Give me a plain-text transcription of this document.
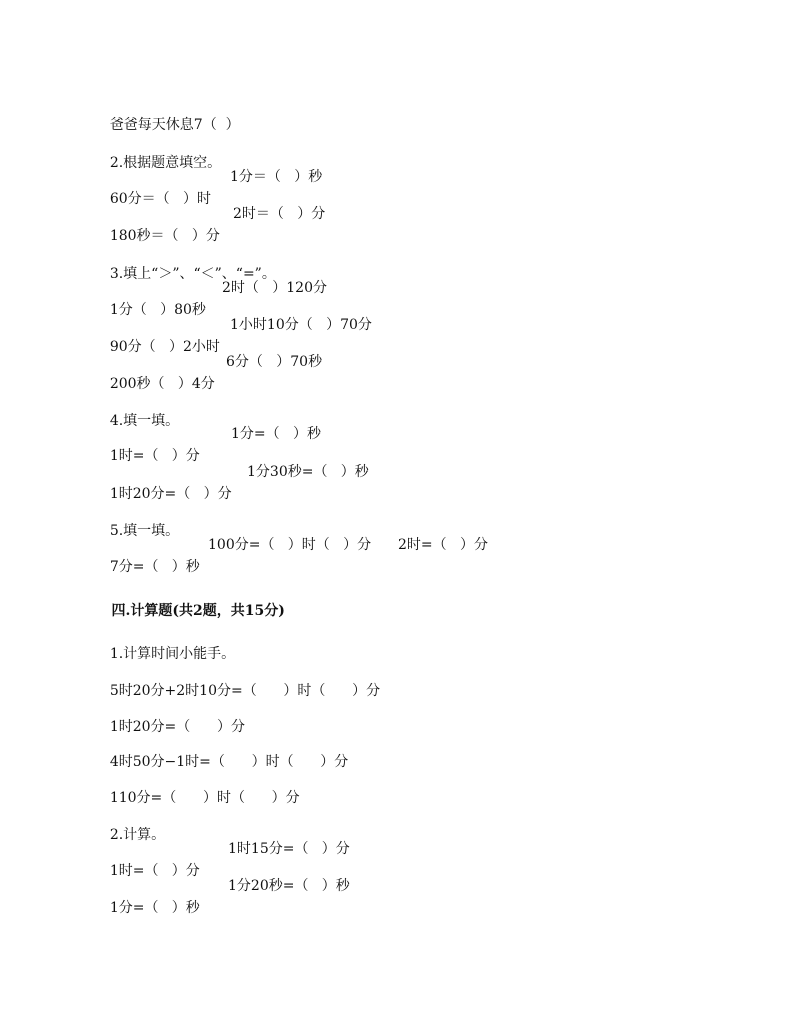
爸爸每天休息7（  ）

2.根据题意填空。

60分＝（   ）时

1分＝（   ）秒

180秒＝（   ）分

2时＝（   ）分

3.填上“＞”、“＜”、“=”。

1分（   ）80秒

2时（   ）120分

90分（   ）2小时

1小时10分（   ）70分

200秒（   ）4分

6分（   ）70秒

4.填一填。

1时=（   ）分

1分=（   ）秒

1时20分=（   ）分

1分30秒=（   ）秒

5.填一填。

7分=（   ）秒

100分=（   ）时（   ）分

2时=（   ）分

四.计算题(共2题，共15分)

1.计算时间小能手。

5时20分+2时10分=（      ）时（      ）分

1时20分=（      ）分

4时50分−1时=（      ）时（      ）分

110分=（      ）时（      ）分

2.计算。

1时=（   ）分

1时15分=（   ）分

1分=（   ）秒

1分20秒=（   ）秒
